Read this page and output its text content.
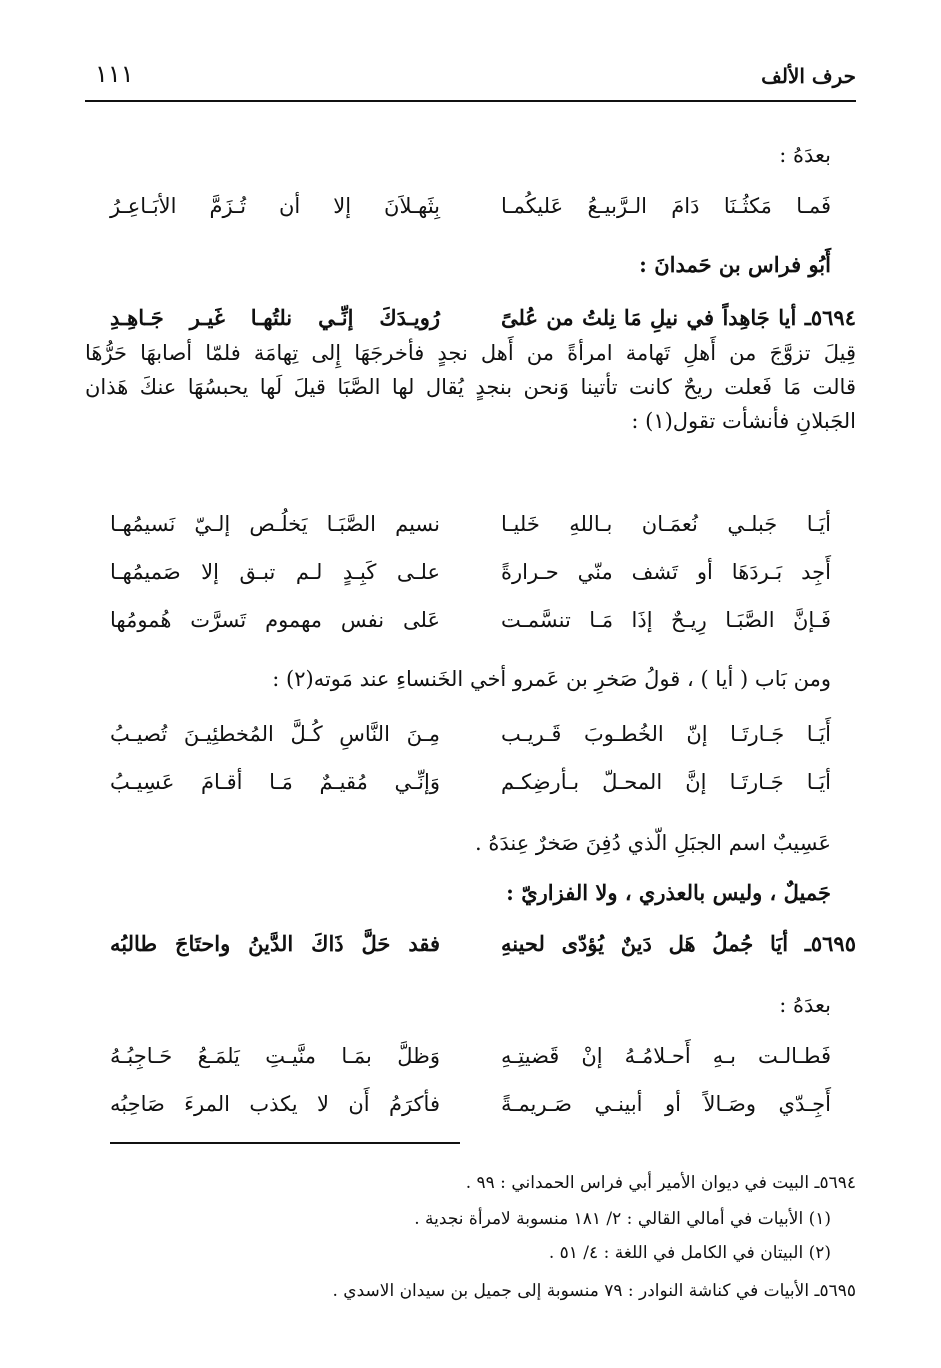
حرف الألف
١١١
بعدَهُ :
فَمـا مَكثُـنَا دَامَ الـرَّبيـعُ عَليكُمـا
بِثَهـلاَنَ إلا أن تُـزَمَّ الأبَـاعِـرُ
أَبُو فراس بن حَمدانَ :
٥٦٩٤ـ أيا جَاهِداً في نيلِ مَا نِلتُ من عُلىً
رُويـدَكَ إنِّـي نلتُهـا غَيـر جَـاهِـدِ
قِيلَ تزوَّجَ من أَهلِ تَهامة امرأةً من أَهل نجدٍ فأخرجَهَا إِلى تِهامَة فلمّا أصابهَا حَرُّهَا
قالت مَا فَعلت ريحٌ كانت تأتينا وَنحن بنجدٍ يُقال لها الصَّبَا قيلَ لَها يحبسُهَا عنكَ هَذان
الجَبلانِ فأنشأت تقول(١) :
أيَـا جَبلـي نُعمَـان بـاللهِ خَليـا
نسيم الصَّبَـا يَخلُـص إلـيّ نَسيمُهـا
أَجِد بَـردَهَا أو تَشف منّي حـرارةً
علـى كَبِـدٍ لـم تبـق إلا صَميمُهـا
فَـإنَّ الصَّبَـا رِيـحٌ إذَا مَـا تنسَّمـت
عَلى نفس مهموم تَسرَّت هُمومُها
ومن بَاب ( أيا ) ، قولُ صَخرِ بن عَمرو أخي الخَنساءِ عند مَوته(٢) :
أَيَـا جَـارتَـا إنّ الخُطـوبَ قَـريـب
مِـنَ النَّاسِ كُـلَّ المُخطئِيـنَ تُصيـبُ
أيَـا جَـارتَـا إنَّ المحـلّ بـأرضِكـم
وَإنِّـي مُقيـمٌ مَـا أقـامَ عَسِيـبُ
عَسِيبٌ اسم الجبَلِ الّذي دُفِنَ صَخرٌ عِندَهُ .
جَميلٌ ، وليس بالعذري ، ولا الفزاريّ :
٥٦٩٥ـ أيَا جُملُ هَل دَينٌ يُؤدّى لحينهِ
فقد حَلَّ ذَاكَ الدَّينُ واحتَاجَ طالبُه
بعدَهُ :
فَطـالـت بـهِ أَحـلامُـهُ إنْ قَضيتِـهِ
وَظلَّ بمَـا منَّيـتِ يَلمَـعُ حَـاجِبُـهُ
أَجِـدّي وصَـالاً أو أبينـي صَـريمـةً
فأكرَمُ أَن لا يكذب المرءَ صَاحِبُه
٥٦٩٤ـ البيت في ديوان الأمير أبي فراس الحمداني : ٩٩ .
(١) الأبيات في أمالي القالي : ٢/ ١٨١ منسوبة لامرأة نجدية .
(٢) البيتان في الكامل في اللغة : ٤/ ٥١ .
٥٦٩٥ـ الأبيات في كناشة النوادر : ٧٩ منسوبة إلى جميل بن سيدان الاسدي .
